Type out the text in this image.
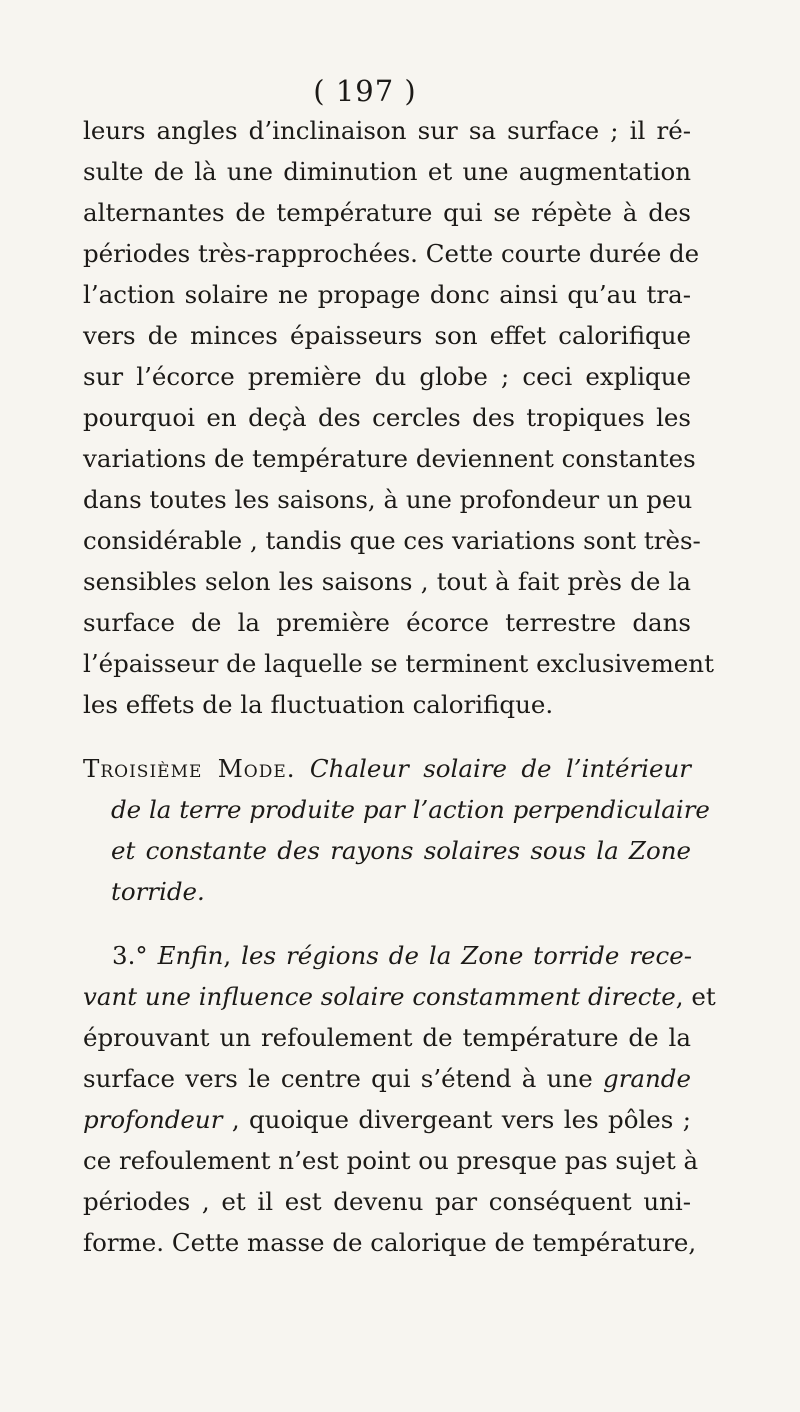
( 197 )
leurs angles d’inclinaison sur sa surface ; il ré-
sulte de là une diminution et une augmentation
alternantes de température qui se répète à des
périodes très-rapprochées. Cette courte durée de
l’action solaire ne propage donc ainsi qu’au tra-
vers de minces épaisseurs son effet calorifique
sur l’écorce première du globe ; ceci explique
pourquoi en deçà des cercles des tropiques les
variations de température deviennent constantes
dans toutes les saisons, à une profondeur un peu
considérable , tandis que ces variations sont très-
sensibles selon les saisons , tout à fait près de la
surface de la première écorce terrestre dans
l’épaisseur de laquelle se terminent exclusivement
les effets de la fluctuation calorifique.
Troisième Mode. Chaleur solaire de l’intérieur
de la terre produite par l’action perpendiculaire
et constante des rayons solaires sous la Zone
torride.
3.° Enfin, les régions de la Zone torride rece-
vant une influence solaire constamment directe, et
éprouvant un refoulement de température de la
surface vers le centre qui s’étend à une grande
profondeur , quoique divergeant vers les pôles ;
ce refoulement n’est point ou presque pas sujet à
périodes , et il est devenu par conséquent uni-
forme. Cette masse de calorique de température,
